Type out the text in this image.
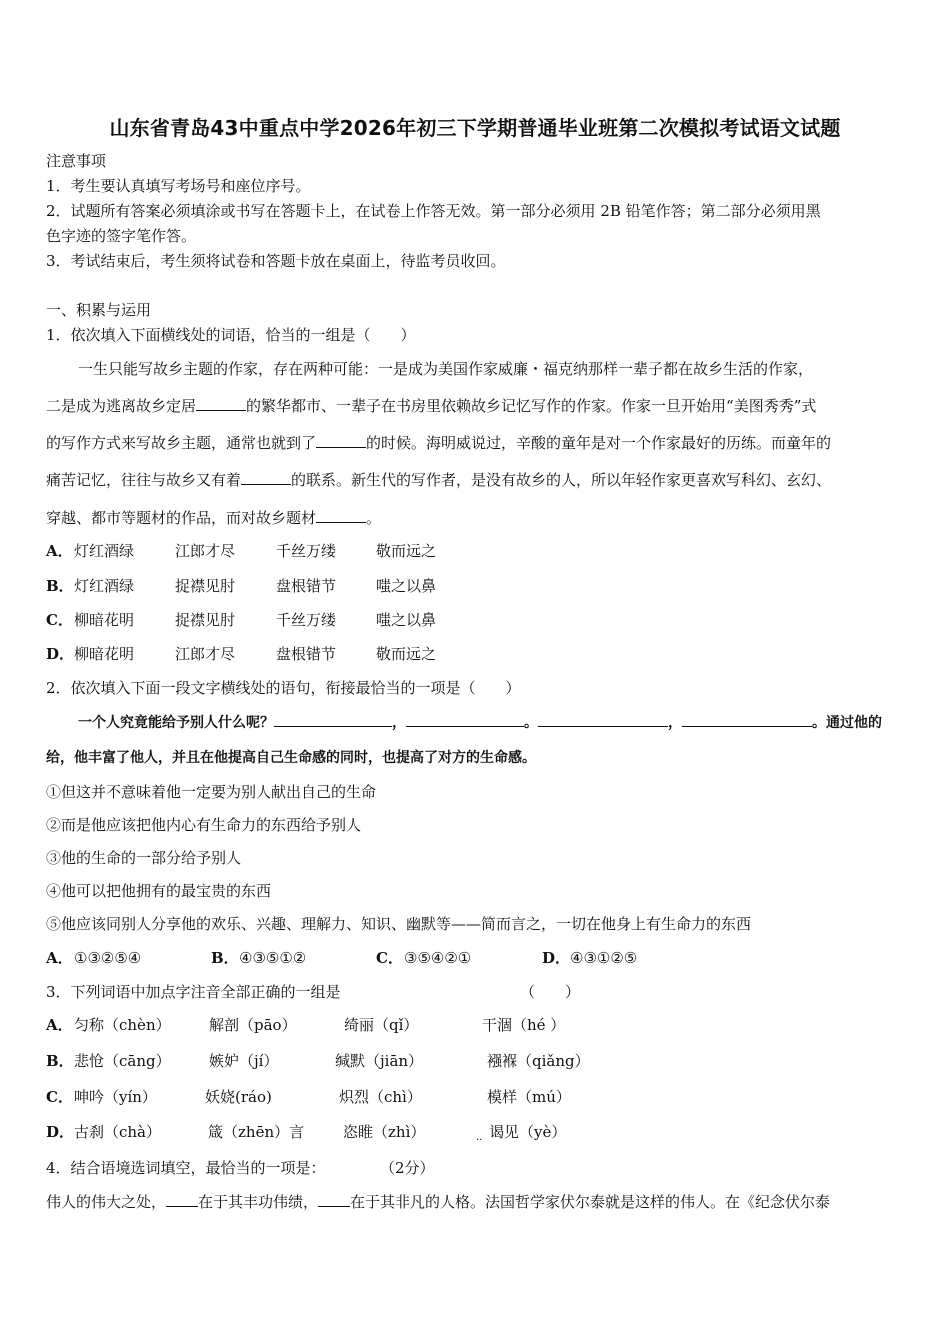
山东省青岛43中重点中学2026年初三下学期普通毕业班第二次模拟考试语文试题
注意事项
1．考生要认真填写考场号和座位序号。
2．试题所有答案必须填涂或书写在答题卡上，在试卷上作答无效。第一部分必须用 2B 铅笔作答；第二部分必须用黑
色字迹的签字笔作答。
3．考试结束后，考生须将试卷和答题卡放在桌面上，待监考员收回。
一、积累与运用
1．依次填入下面横线处的词语，恰当的一组是（　　）
一生只能写故乡主题的作家，存在两种可能：一是成为美国作家威廉・福克纳那样一辈子都在故乡生活的作家，
二是成为逃离故乡定居	的繁华都市、一辈子在书房里依赖故乡记忆写作的作家。作家一旦开始用“美图秀秀”式
的写作方式来写故乡主题，通常也就到了	的时候。海明威说过，辛酸的童年是对一个作家最好的历练。而童年的
痛苦记忆，往往与故乡又有着	的联系。新生代的写作者，是没有故乡的人，所以年轻作家更喜欢写科幻、玄幻、
穿越、都市等题材的作品，而对故乡题材	。
A． 灯红酒绿	江郎才尽	千丝万缕	敬而远之
B． 灯红酒绿	捉襟见肘	盘根错节	嗤之以鼻
C． 柳暗花明	捉襟见肘	千丝万缕	嗤之以鼻
D． 柳暗花明	江郎才尽	盘根错节	敬而远之
2．依次填入下面一段文字横线处的语句，衔接最恰当的一项是（　　）
一个人究竟能给予别人什么呢？	，	。	，	。通过他的
给，他丰富了他人，并且在他提高自己生命感的同时，也提高了对方的生命感。
①但这并不意味着他一定要为别人献出自己的生命
②而是他应该把他内心有生命力的东西给予别人
③他的生命的一部分给予别人
④他可以把他拥有的最宝贵的东西
⑤他应该同别人分享他的欢乐、兴趣、理解力、知识、幽默等——简而言之，一切在他身上有生命力的东西
A． ①③②⑤④	B． ④③⑤①②	C． ③⑤④②①	D． ④③①②⑤
3．下列词语中加点字注音全部正确的一组是	（　　）
A． 匀称（chèn）	解剖（pāo）	绮丽（qǐ）	干涸（hé ）
B． 悲怆（cāng）	嫉妒（jí）	缄默（jiān）	襁褓（qiǎng）
C． 呻吟（yín）	妖娆(ráo)	炽烈（chì）	模样（mú）
D． 古刹（chà）	箴（zhēn）言	恣睢（zhì）	谒见（yè）
··
4．结合语境选词填空，最恰当的一项是：	（2分）
伟人的伟大之处， 在于其丰功伟绩， 在于其非凡的人格。法国哲学家伏尔泰就是这样的伟人。在《纪念伏尔泰
